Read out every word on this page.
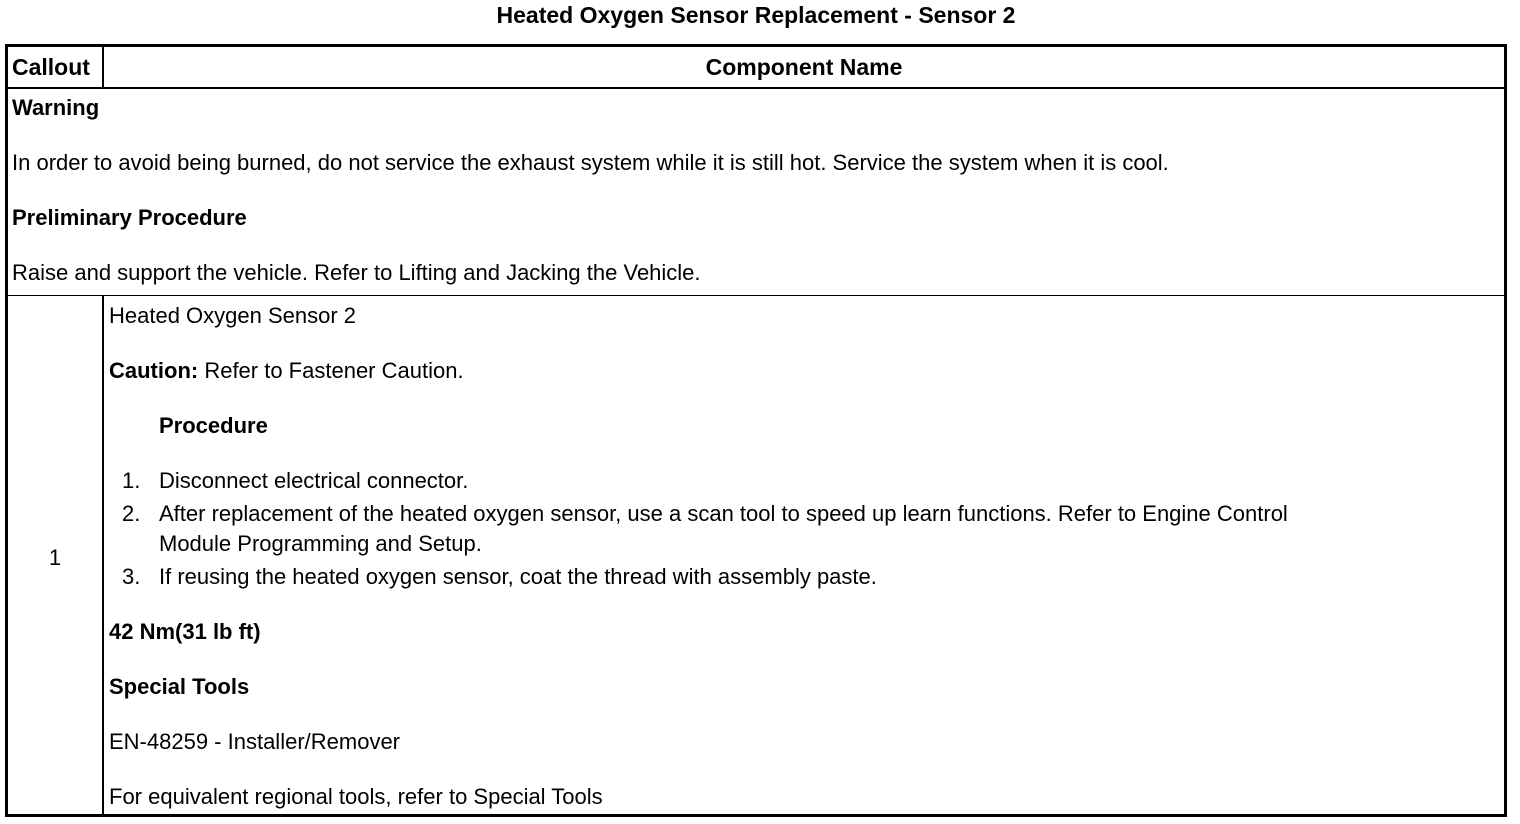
Heated Oxygen Sensor Replacement - Sensor 2
Callout	Component Name
Warning
In order to avoid being burned, do not service the exhaust system while it is still hot. Service the system when it is cool.
Preliminary Procedure
Raise and support the vehicle. Refer to Lifting and Jacking the Vehicle.
1
Heated Oxygen Sensor 2
Caution: Refer to Fastener Caution.
Procedure
1. Disconnect electrical connector.
2. After replacement of the heated oxygen sensor, use a scan tool to speed up learn functions. Refer to Engine Control
Module Programming and Setup.
3. If reusing the heated oxygen sensor, coat the thread with assembly paste.
42 Nm(31 lb ft)
Special Tools
EN-48259 - Installer/Remover
For equivalent regional tools, refer to Special Tools
